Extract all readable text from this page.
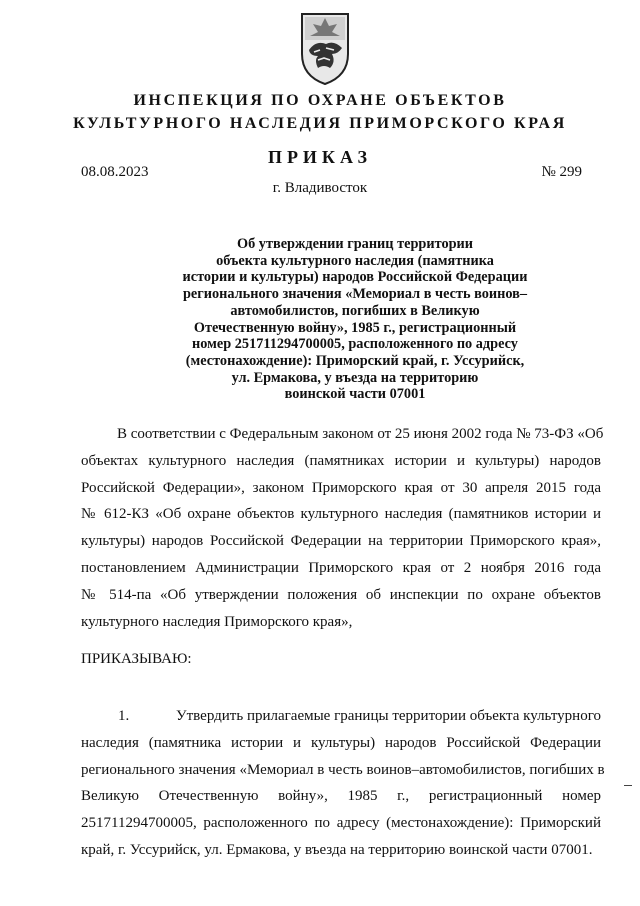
ИНСПЕКЦИЯ ПО ОХРАНЕ ОБЪЕКТОВ
КУЛЬТУРНОГО НАСЛЕДИЯ ПРИМОРСКОГО КРАЯ
ПРИКАЗ
08.08.2023	№ 299
г. Владивосток
Об утверждении границ территории
объекта культурного наследия (памятника
истории и культуры) народов Российской Федерации
регионального значения «Мемориал в честь воинов–
автомобилистов, погибших в Великую
Отечественную войну», 1985 г., регистрационный
номер 251711294700005, расположенного по адресу
(местонахождение): Приморский край, г. Уссурийск,
ул. Ермакова, у въезда на территорию
воинской части 07001
В соответствии с Федеральным законом от 25 июня 2002 года № 73-ФЗ «Об
объектах культурного наследия (памятниках истории и культуры) народов
Российской Федерации», законом Приморского края от 30 апреля 2015 года
№ 612-КЗ «Об охране объектов культурного наследия (памятников истории и
культуры) народов Российской Федерации на территории Приморского края»,
постановлением Администрации Приморского края от 2 ноября 2016 года
№ 514-па «Об утверждении положения об инспекции по охране объектов
культурного наследия Приморского края»,
ПРИКАЗЫВАЮ:
1.	Утвердить прилагаемые границы территории объекта культурного
наследия (памятника истории и культуры) народов Российской Федерации
регионального значения «Мемориал в честь воинов–автомобилистов, погибших в
Великую Отечественную войну», 1985 г., регистрационный номер
251711294700005, расположенного по адресу (местонахождение): Приморский
край, г. Уссурийск, ул. Ермакова, у въезда на территорию воинской части 07001.
